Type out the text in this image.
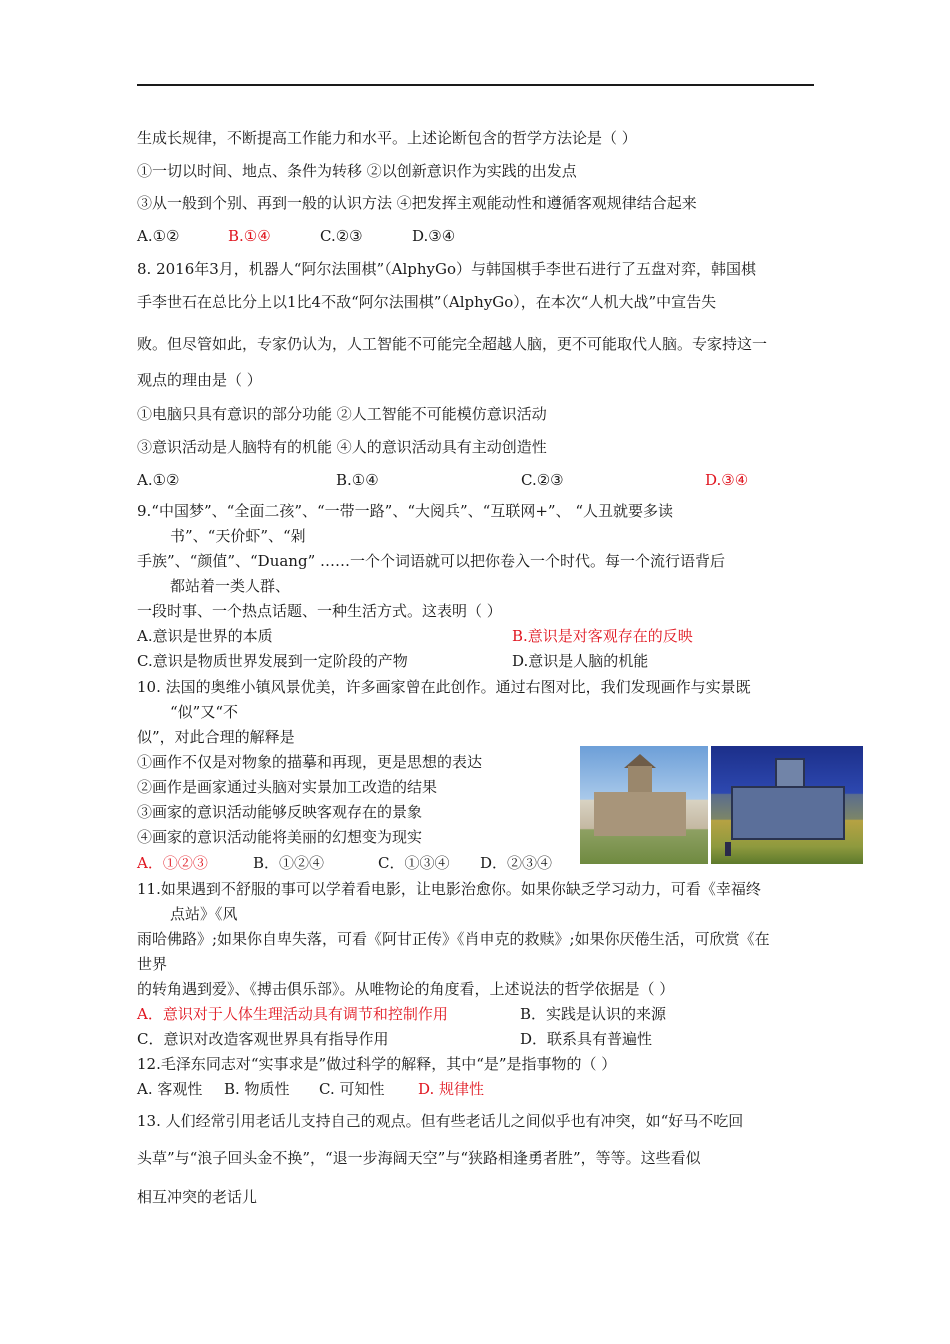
生成长规律，不断提高工作能力和水平。上述论断包含的哲学方法论是（ ）
①一切以时间、地点、条件为转移 ②以创新意识作为实践的出发点
③从一般到个别、再到一般的认识方法 ④把发挥主观能动性和遵循客观规律结合起来
A.①②	B.①④	C.②③	D.③④
8. 2016年3月，机器人“阿尔法围棋”（AlphyGo）与韩国棋手李世石进行了五盘对弈，韩国棋
手李世石在总比分上以1比4不敌“阿尔法围棋”（AlphyGo），在本次“人机大战”中宣告失
败。但尽管如此，专家仍认为，人工智能不可能完全超越人脑，更不可能取代人脑。专家持这一
观点的理由是（ ）
①电脑只具有意识的部分功能 ②人工智能不可能模仿意识活动
③意识活动是人脑特有的机能 ④人的意识活动具有主动创造性
A.①②	B.①④	C.②③	D.③④
9.“中国梦”、“全面二孩”、“一带一路”、“大阅兵”、“互联网+”、 “人丑就要多读
书”、“天价虾”、“剁
手族”、“颜值”、“Duang” ……一个个词语就可以把你卷入一个时代。每一个流行语背后
都站着一类人群、
一段时事、一个热点话题、一种生活方式。这表明（ ）
A.意识是世界的本质	B.意识是对客观存在的反映
C.意识是物质世界发展到一定阶段的产物	D.意识是人脑的机能
10. 法国的奥维小镇风景优美，许多画家曾在此创作。通过右图对比，我们发现画作与实景既
“似”又“不
似”，对此合理的解释是
①画作不仅是对物象的描摹和再现，更是思想的表达
②画作是画家通过头脑对实景加工改造的结果
③画家的意识活动能够反映客观存在的景象
④画家的意识活动能将美丽的幻想变为现实
A．①②③	B．①②④	C．①③④ D．②③④
11.如果遇到不舒服的事可以学着看电影，让电影治愈你。如果你缺乏学习动力，可看《幸福终
点站》《风
雨哈佛路》;如果你自卑失落，可看《阿甘正传》《肖申克的救赎》;如果你厌倦生活，可欣赏《在
世界
的转角遇到爱》、《搏击俱乐部》。从唯物论的角度看，上述说法的哲学依据是（ ）
A．意识对于人体生理活动具有调节和控制作用	B．实践是认识的来源
C．意识对改造客观世界具有指导作用	D．联系具有普遍性
12.毛泽东同志对“实事求是”做过科学的解释，其中“是”是指事物的（ ）
A. 客观性 B. 物质性 C. 可知性 D. 规律性
13. 人们经常引用老话儿支持自己的观点。但有些老话儿之间似乎也有冲突，如“好马不吃回
头草”与“浪子回头金不换”，“退一步海阔天空”与“狭路相逢勇者胜”，等等。这些看似
相互冲突的老话儿
